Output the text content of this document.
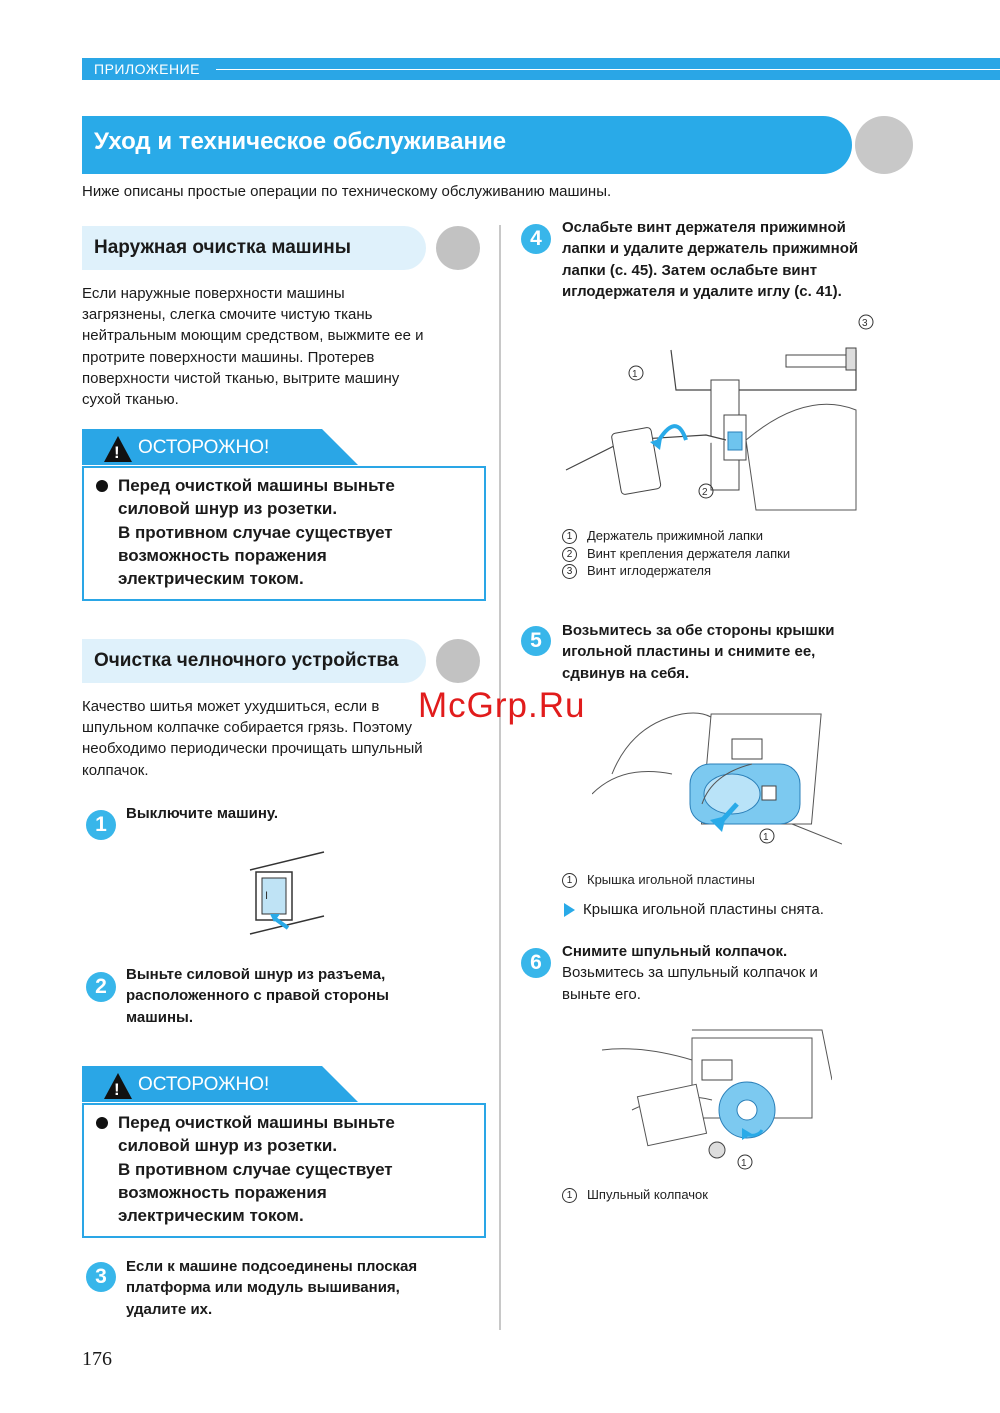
ПРИЛОЖЕНИЕ
Уход и техническое обслуживание
Ниже описаны простые операции по техническому обслуживанию машины.
Наружная очистка машины
Если наружные поверхности машины
загрязнены, слегка смочите чистую ткань
нейтральным моющим средством, выжмите ее и
протрите поверхности машины. Протерев
поверхности чистой тканью, вытрите машину
сухой тканью.
! ОСТОРОЖНО!
Перед очисткой машины выньте
силовой шнур из розетки.
В противном случае существует
возможность поражения
электрическим током.
Очистка челночного устройства
Качество шитья может ухудшиться, если в
шпульном колпачке собирается грязь. Поэтому
необходимо периодически прочищать шпульный
колпачок.
1	Выключите машину.
I
2
Выньте силовой шнур из разъема,
расположенного с правой стороны
машины.
! ОСТОРОЖНО!
Перед очисткой машины выньте
силовой шнур из розетки.
В противном случае существует
возможность поражения
электрическим током.
3	Если к машине подсоединены плоская
платформа или модуль вышивания,
удалите их.
4	Ослабьте винт держателя прижимной
лапки и удалите держатель прижимной
лапки (с. 45). Затем ослабьте винт
иглодержателя и удалите иглу (с. 41).
3
1
2
1 Держатель прижимной лапки
2 Винт крепления держателя лапки
3 Винт иглодержателя
5	Возьмитесь за обе стороны крышки
игольной пластины и снимите ее,
сдвинув на себя.
1
1 Крышка игольной пластины
Крышка игольной пластины снята.
6	Снимите шпульный колпачок.
Возьмитесь за шпульный колпачок и
выньте его.
1
1 Шпульный колпачок
McGrp.Ru
176
